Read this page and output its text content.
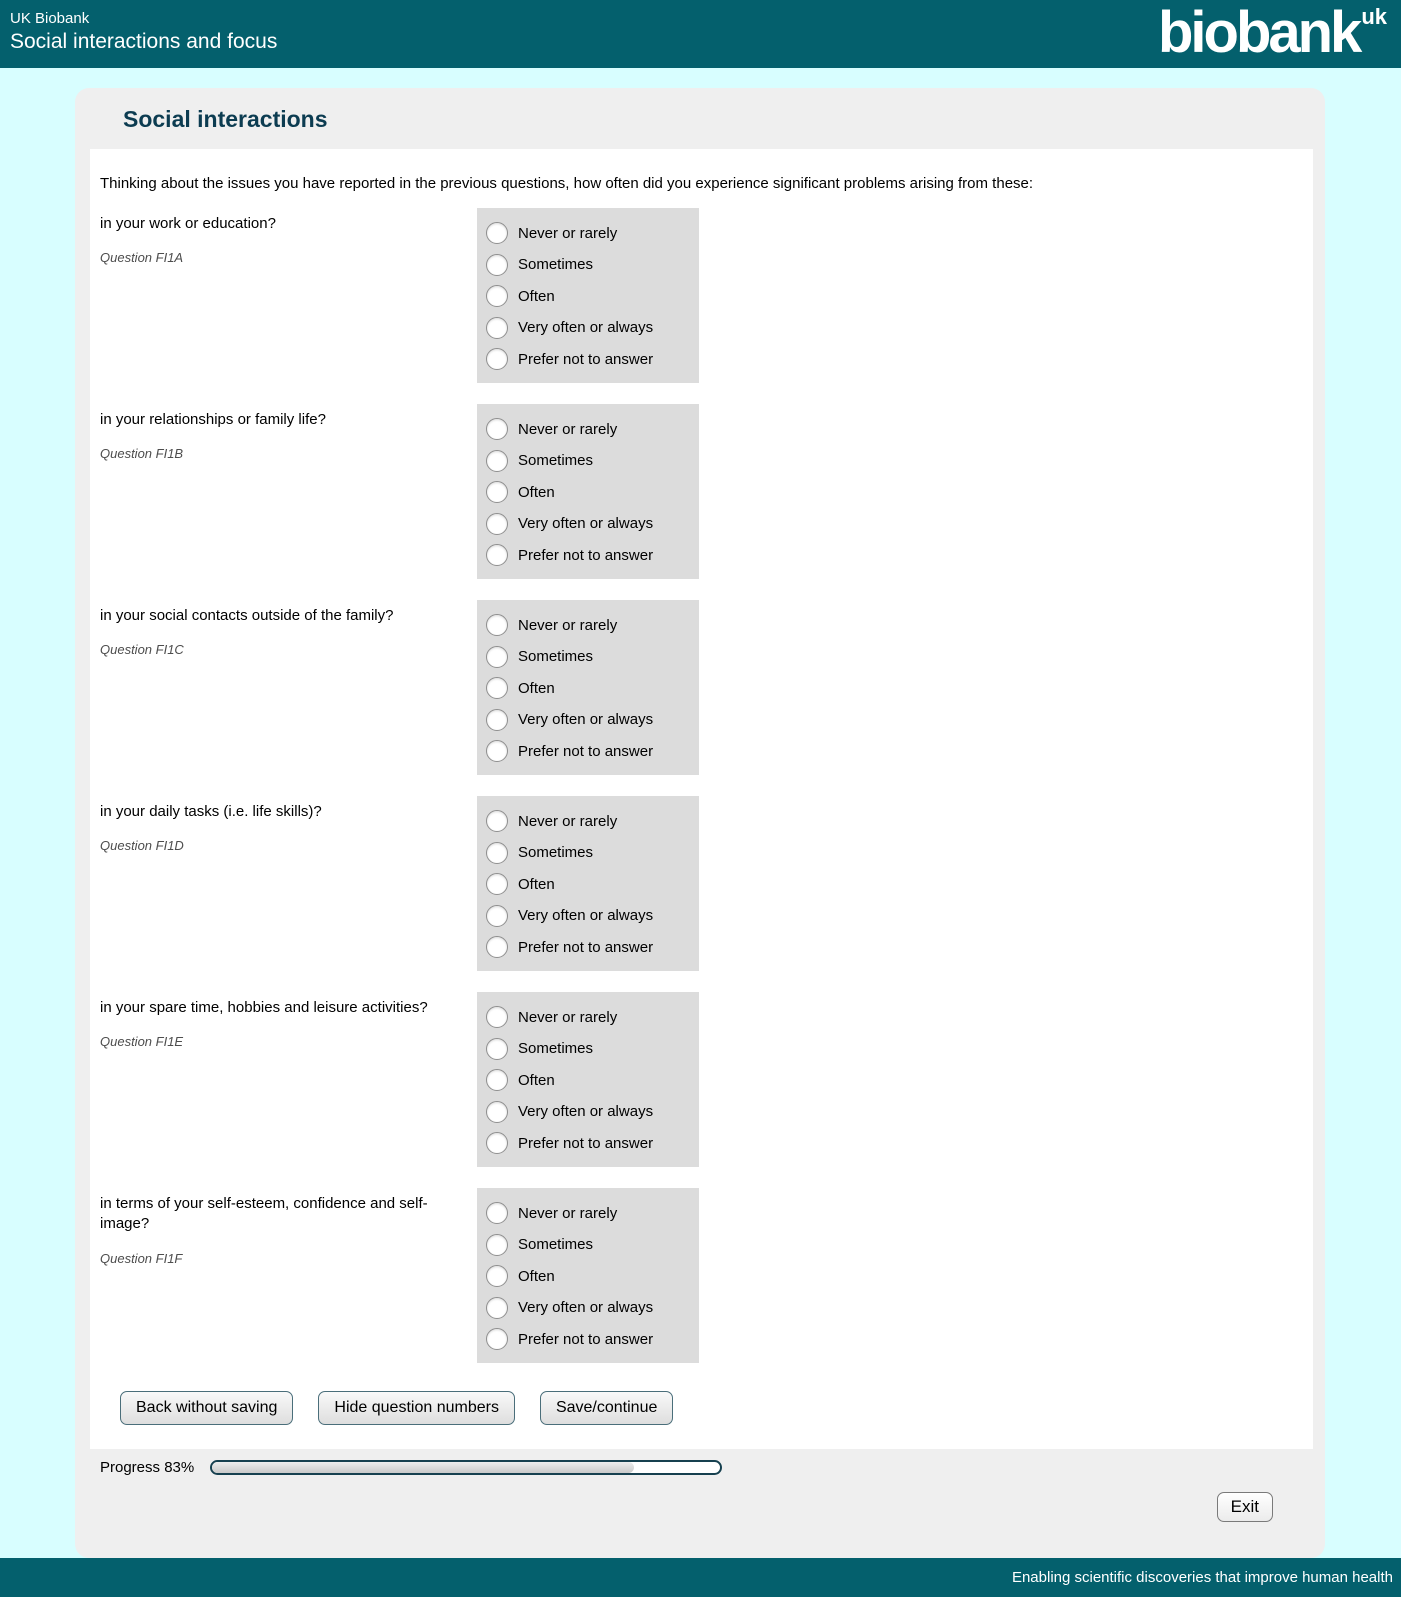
UK Biobank
Social interactions and focus	biobank$^{uk}$
Social interactions
Thinking about the issues you have reported in the previous questions, how often did you experience significant problems arising from these:
in your work or education?
Question FI1A
Never or rarely
Sometimes
Often
Very often or always
Prefer not to answer
in your relationships or family life?
Question FI1B
Never or rarely
Sometimes
Often
Very often or always
Prefer not to answer
in your social contacts outside of the family?
Question FI1C
Never or rarely
Sometimes
Often
Very often or always
Prefer not to answer
in your daily tasks (i.e. life skills)?
Question FI1D
Never or rarely
Sometimes
Often
Very often or always
Prefer not to answer
in your spare time, hobbies and leisure activities?
Question FI1E
Never or rarely
Sometimes
Often
Very often or always
Prefer not to answer
in terms of your self-esteem, confidence and self-image?
Question FI1F
Never or rarely
Sometimes
Often
Very often or always
Prefer not to answer
Back without saving	Hide question numbers	Save/continue
Progress 83%
Exit
Enabling scientific discoveries that improve human health
